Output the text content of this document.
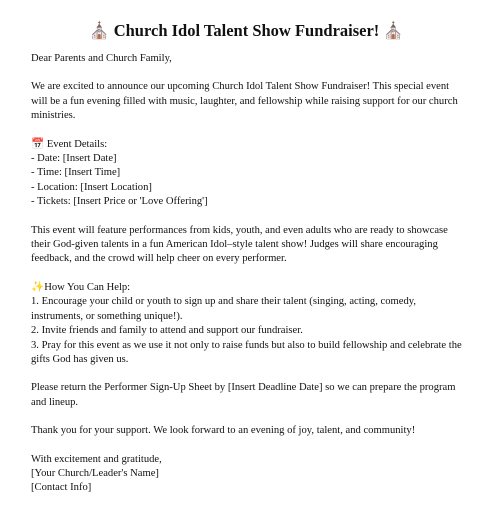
⛪ Church Idol Talent Show Fundraiser! ⛪

Dear Parents and Church Family,

We are excited to announce our upcoming Church Idol Talent Show Fundraiser! This special event will be a fun evening filled with music, laughter, and fellowship while raising support for our church ministries.

📅 Event Details:
- Date: [Insert Date]
- Time: [Insert Time]
- Location: [Insert Location]
- Tickets: [Insert Price or 'Love Offering']

This event will feature performances from kids, youth, and even adults who are ready to showcase their God-given talents in a fun American Idol–style talent show! Judges will share encouraging feedback, and the crowd will help cheer on every performer.

✨How You Can Help:
1. Encourage your child or youth to sign up and share their talent (singing, acting, comedy, instruments, or something unique!).
2. Invite friends and family to attend and support our fundraiser.
3. Pray for this event as we use it not only to raise funds but also to build fellowship and celebrate the gifts God has given us.

Please return the Performer Sign-Up Sheet by [Insert Deadline Date] so we can prepare the program and lineup.

Thank you for your support. We look forward to an evening of joy, talent, and community!

With excitement and gratitude,
[Your Church/Leader's Name]
[Contact Info]
